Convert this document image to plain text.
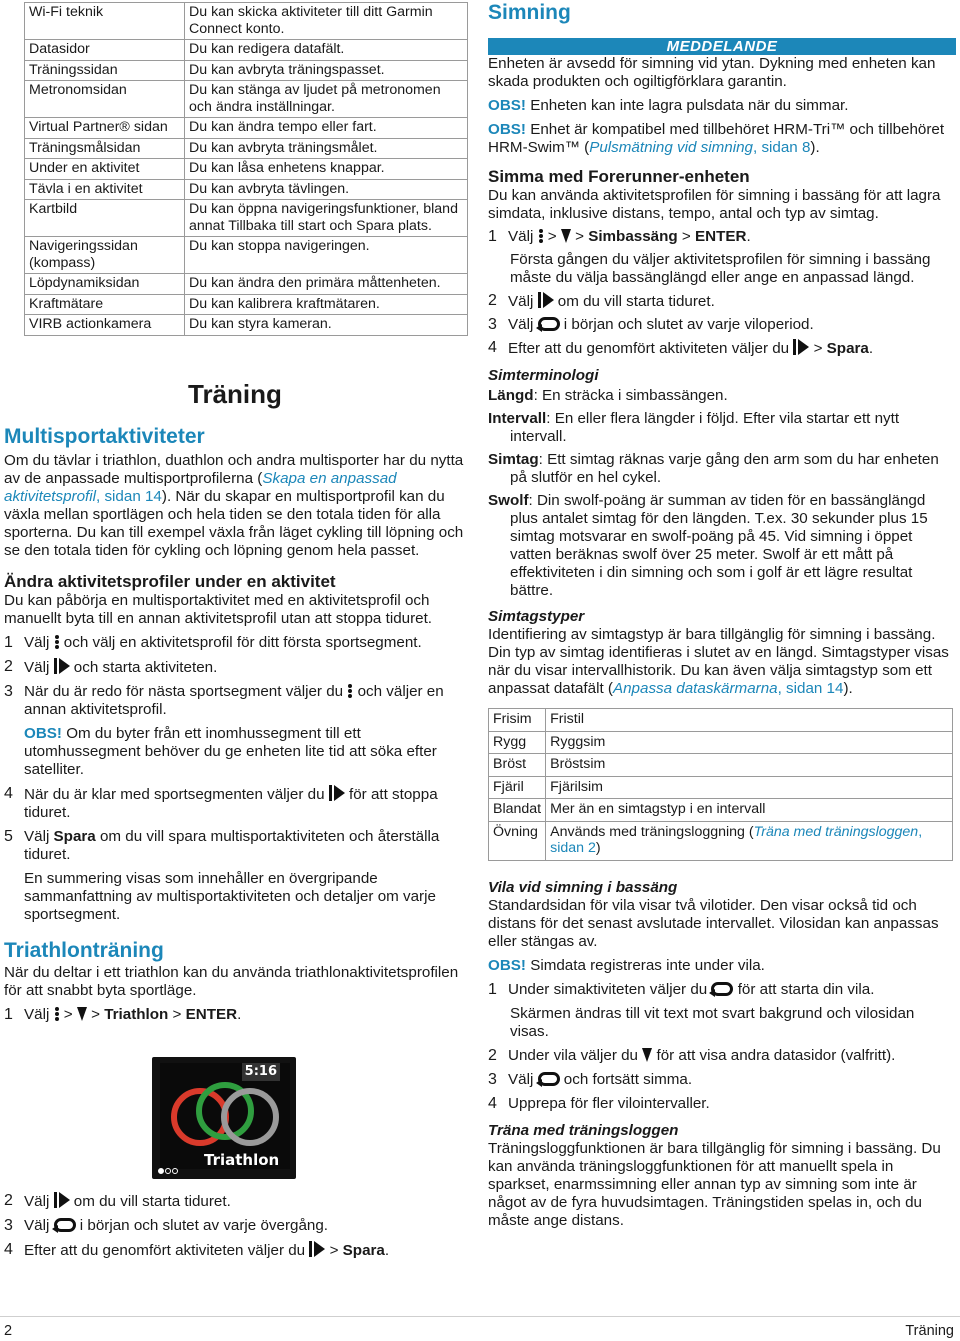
Wi-Fi teknik	Du kan skicka aktiviteter till ditt Garmin Connect konto.
Datasidor	Du kan redigera datafält.
Träningssidan	Du kan avbryta träningspasset.
Metronomsidan	Du kan stänga av ljudet på metronomen och ändra inställningar.
Virtual Partner® sidan	Du kan ändra tempo eller fart.
Träningsmålsidan	Du kan avbryta träningsmålet.
Under en aktivitet	Du kan låsa enhetens knappar.
Tävla i en aktivitet	Du kan avbryta tävlingen.
Kartbild	Du kan öppna navigeringsfunktioner, bland annat Tillbaka till start och Spara plats.
Navigeringssidan (kompass)	Du kan stoppa navigeringen.
Löpdynamiksidan	Du kan ändra den primära måttenheten.
Kraftmätare	Du kan kalibrera kraftmätaren.
VIRB actionkamera	Du kan styra kameran.
Träning
Multisportaktiviteter

Om du tävlar i triathlon, duathlon och andra multisporter har du nytta av de anpassade multisportprofilerna (Skapa en anpassad aktivitetsprofil, sidan 14). När du skapar en multisportprofil kan du växla mellan sportlägen och hela tiden se den totala tiden för alla sporterna. Du kan till exempel växla från läget cykling till löpning och se den totala tiden för cykling och löpning genom hela passet.

Ändra aktivitetsprofiler under en aktivitet

Du kan påbörja en multisportaktivitet med en aktivitetsprofil och manuellt byta till en annan aktivitetsprofil utan att stoppa tiduret.

1 Välj och välj en aktivitetsprofil för ditt första sportsegment.
2 Välj och starta aktiviteten.
3 När du är redo för nästa sportsegment väljer du och väljer en annan aktivitetsprofil.

OBS! Om du byter från ett inomhussegment till ett utomhussegment behöver du ge enheten lite tid att söka efter satelliter.

4 När du är klar med sportsegmenten väljer du för att stoppa tiduret.
5 Välj Spara om du vill spara multisportaktiviteten och återställa tiduret.

En summering visas som innehåller en övergripande sammanfattning av multisportaktiviteten och detaljer om varje sportsegment.

Triathlonträning

När du deltar i ett triathlon kan du använda triathlonaktivitetsprofilen för att snabbt byta sportläge.

1 Välj
>  > Triathlon > ENTER.
5:16
Triathlon
2 Välj om du vill starta tiduret.
3 Välj i början och slutet av varje övergång.
4 Efter att du genomfört aktiviteten väljer du
> Spara.
Simning
MEDDELANDE

Enheten är avsedd för simning vid ytan. Dykning med enheten kan skada produkten och ogiltigförklara garantin.

OBS! Enheten kan inte lagra pulsdata när du simmar.

OBS! Enhet är kompatibel med tillbehöret HRM-Tri™ och tillbehöret HRM-Swim™ (Pulsmätning vid simning, sidan 8).

Simma med Forerunner-enheten

Du kan använda aktivitetsprofilen för simning i bassäng för att lagra simdata, inklusive distans, tempo, antal och typ av simtag.

1 Välj
>  > Simbassäng > ENTER.

Första gången du väljer aktivitetsprofilen för simning i bassäng måste du välja bassänglängd eller ange en anpassad längd.

2 Välj om du vill starta tiduret.
3 Välj i början och slutet av varje viloperiod.
4 Efter att du genomfört aktiviteten väljer du
> Spara.
Simterminologi

Längd: En sträcka i simbassängen.

Intervall: En eller flera längder i följd. Efter vila startar ett nytt intervall.

Simtag: Ett simtag räknas varje gång den arm som du har enheten på slutför en hel cykel.

Swolf: Din swolf-poäng är summan av tiden för en bassänglängd plus antalet simtag för den längden. T.ex. 30 sekunder plus 15 simtag motsvarar en swolf-poäng på 45. Vid simning i öppet vatten beräknas swolf över 25 meter. Swolf är ett mått på effektiviteten i din simning och som i golf är ett lägre resultat bättre.

Simtagstyper

Identifiering av simtagstyp är bara tillgänglig för simning i bassäng. Din typ av simtag identifieras i slutet av en längd. Simtagstyper visas när du visar intervallhistorik. Du kan även välja simtagstyp som ett anpassat datafält (Anpassa dataskärmarna, sidan 14).

Frisim	Fristil
Rygg	Ryggsim
Bröst	Bröstsim
Fjäril	Fjärilsim
Blandat	Mer än en simtagstyp i en intervall
Övning	Används med träningsloggning (Träna med träningsloggen, sidan 2)
Vila vid simning i bassäng

Standardsidan för vila visar två vilotider. Den visar också tid och distans för det senast avslutade intervallet. Vilosidan kan anpassas eller stängas av.

OBS! Simdata registreras inte under vila.

1 Under simaktiviteten väljer du för att starta din vila.

Skärmen ändras till vit text mot svart bakgrund och vilosidan visas.

2 Under vila väljer du för att visa andra datasidor (valfritt).
3 Välj och fortsätt simma.
4 Upprepa för fler vilointervaller.
Träna med träningsloggen

Träningsloggfunktionen är bara tillgänglig för simning i bassäng. Du kan använda träningsloggfunktionen för att manuellt spela in sparkset, enarmssimning eller annan typ av simning som inte är något av de fyra huvudsimtagen. Träningstiden spelas in, och du måste ange distans.

2	Träning
